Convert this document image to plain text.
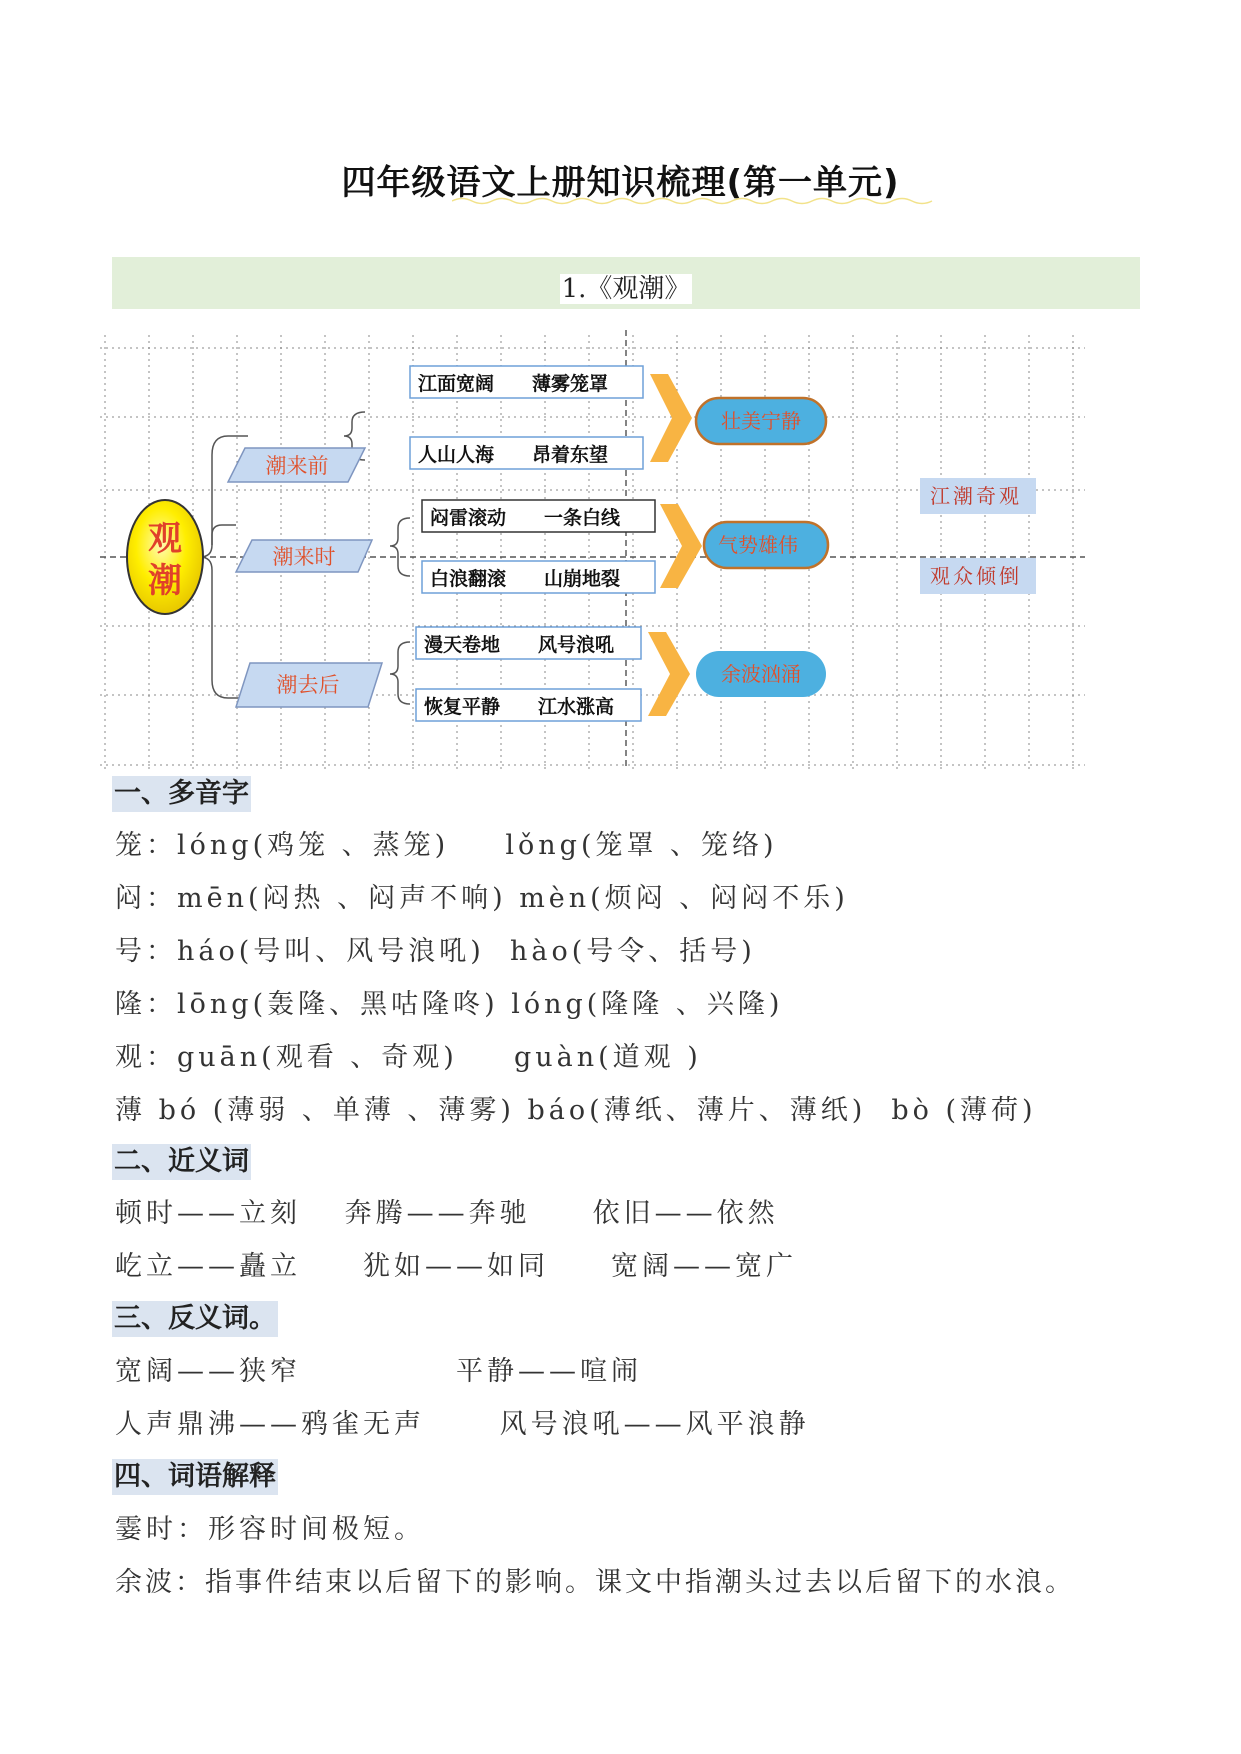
四年级语文上册知识梳理(第一单元)
1.《观潮》
观
潮
潮来前
潮来时
潮去后
江面宽阔　　薄雾笼罩
人山人海　　昂着东望
闷雷滚动　　一条白线
白浪翻滚　　山崩地裂
漫天卷地　　风号浪吼
恢复平静　　江水涨高
壮美宁静
气势雄伟
余波汹涌
江潮奇观
观众倾倒
一、多音字
笼：lóng(鸡笼 、蒸笼)　  lǒng(笼罩 、笼络)
闷：mēn(闷热 、闷声不响) mèn(烦闷 、闷闷不乐)
号：háo(号叫、风号浪吼)  hào(号令、括号)
隆：lōng(轰隆、黑咕隆咚) lóng(隆隆 、兴隆)
观：guān(观看 、奇观)　  guàn(道观 )
薄 bó (薄弱 、单薄 、薄雾) báo(薄纸、薄片、薄纸)  bò (薄荷)
二、近义词
顿时——立刻　 奔腾——奔驰　　依旧——依然
屹立——矗立　　犹如——如同　　宽阔——宽广
三、反义词。
宽阔——狭窄　　　　　平静——喧闹
人声鼎沸——鸦雀无声　　 风号浪吼——风平浪静
四、词语解释
霎时：形容时间极短。
余波：指事件结束以后留下的影响。课文中指潮头过去以后留下的水浪。
